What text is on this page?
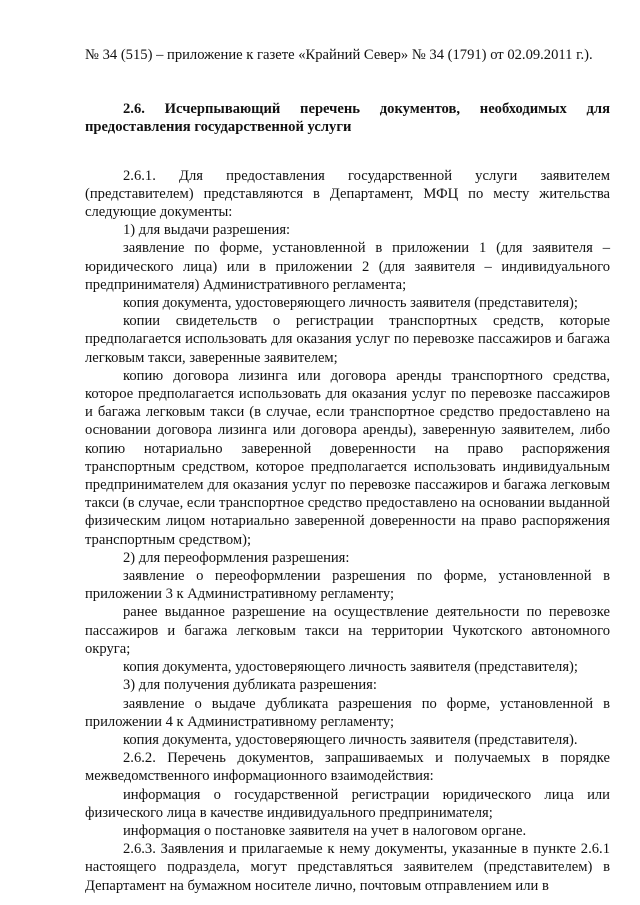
№ 34 (515) – приложение к газете «Крайний Север» № 34 (1791) от 02.09.2011 г.).

2.6. Исчерпывающий перечень документов, необходимых для предоставления государственной услуги

2.6.1. Для предоставления государственной услуги заявителем (представителем) представляются в Департамент, МФЦ по месту жительства следующие документы:

1) для выдачи разрешения:

заявление по форме, установленной в приложении 1 (для заявителя – юридического лица) или в приложении 2 (для заявителя – индивидуального предпринимателя) Административного регламента;

копия документа, удостоверяющего личность заявителя (представителя);

копии свидетельств о регистрации транспортных средств, которые предполагается использовать для оказания услуг по перевозке пассажиров и багажа легковым такси, заверенные заявителем;

копию договора лизинга или договора аренды транспортного средства, которое предполагается использовать для оказания услуг по перевозке пассажиров и багажа легковым такси (в случае, если транспортное средство предоставлено на основании договора лизинга или договора аренды), заверенную заявителем, либо копию нотариально заверенной доверенности на право распоряжения транспортным средством, которое предполагается использовать индивидуальным предпринимателем для оказания услуг по перевозке пассажиров и багажа легковым такси (в случае, если транспортное средство предоставлено на основании выданной физическим лицом нотариально заверенной доверенности на право распоряжения транспортным средством);

2) для переоформления разрешения:

заявление о переоформлении разрешения по форме, установленной в приложении 3 к Административному регламенту;

ранее выданное разрешение на осуществление деятельности по перевозке пассажиров и багажа легковым такси на территории Чукотского автономного округа;

копия документа, удостоверяющего личность заявителя (представителя);

3) для получения дубликата разрешения:

заявление о выдаче дубликата разрешения по форме, установленной в приложении 4 к Административному регламенту;

копия документа, удостоверяющего личность заявителя (представителя).

2.6.2. Перечень документов, запрашиваемых и получаемых в порядке межведомственного информационного взаимодействия:

информация о государственной регистрации юридического лица или физического лица в качестве индивидуального предпринимателя;

информация о постановке заявителя на учет в налоговом органе.

2.6.3. Заявления и прилагаемые к нему документы, указанные в пункте 2.6.1 настоящего подраздела, могут представляться заявителем (представителем) в Департамент на бумажном носителе лично, почтовым отправлением или в
